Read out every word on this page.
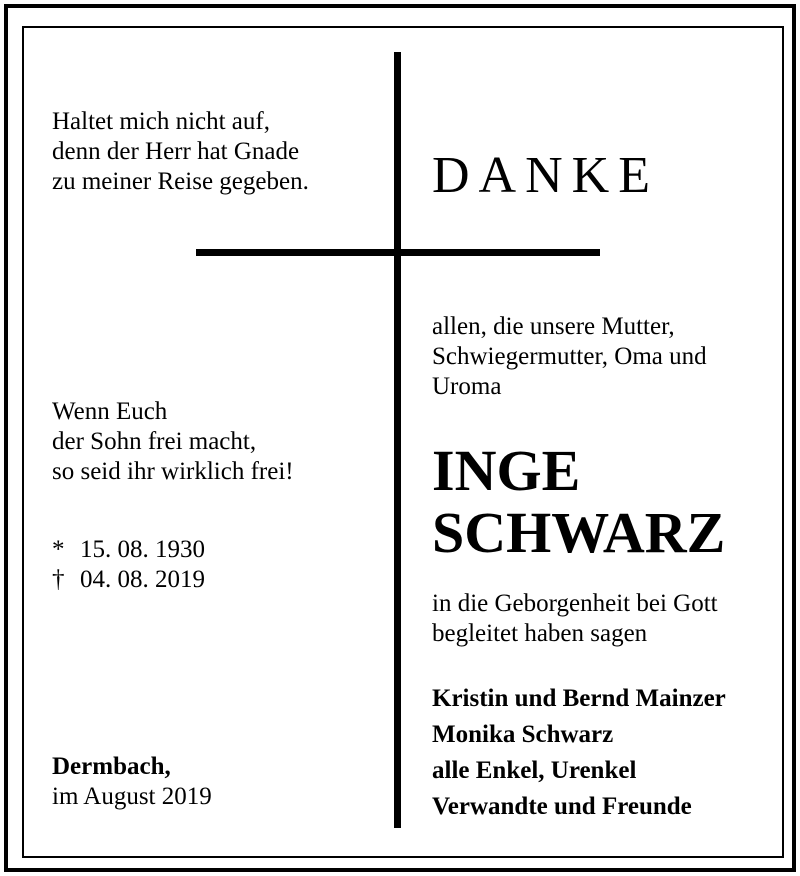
Haltet mich nicht auf,
denn der Herr hat Gnade
zu meiner Reise gegeben. DANKE
allen, die unsere Mutter,
Schwiegermutter, Oma und
Uroma
INGE
SCHWARZ
Wenn Euch
der Sohn frei macht,
so seid ihr wirklich frei!
* 15. 08. 1930
† 04. 08. 2019
in die Geborgenheit bei Gott
begleitet haben sagen
Kristin und Bernd Mainzer
Monika Schwarz
alle Enkel, Urenkel
Verwandte und Freunde
Dermbach,
im August 2019
